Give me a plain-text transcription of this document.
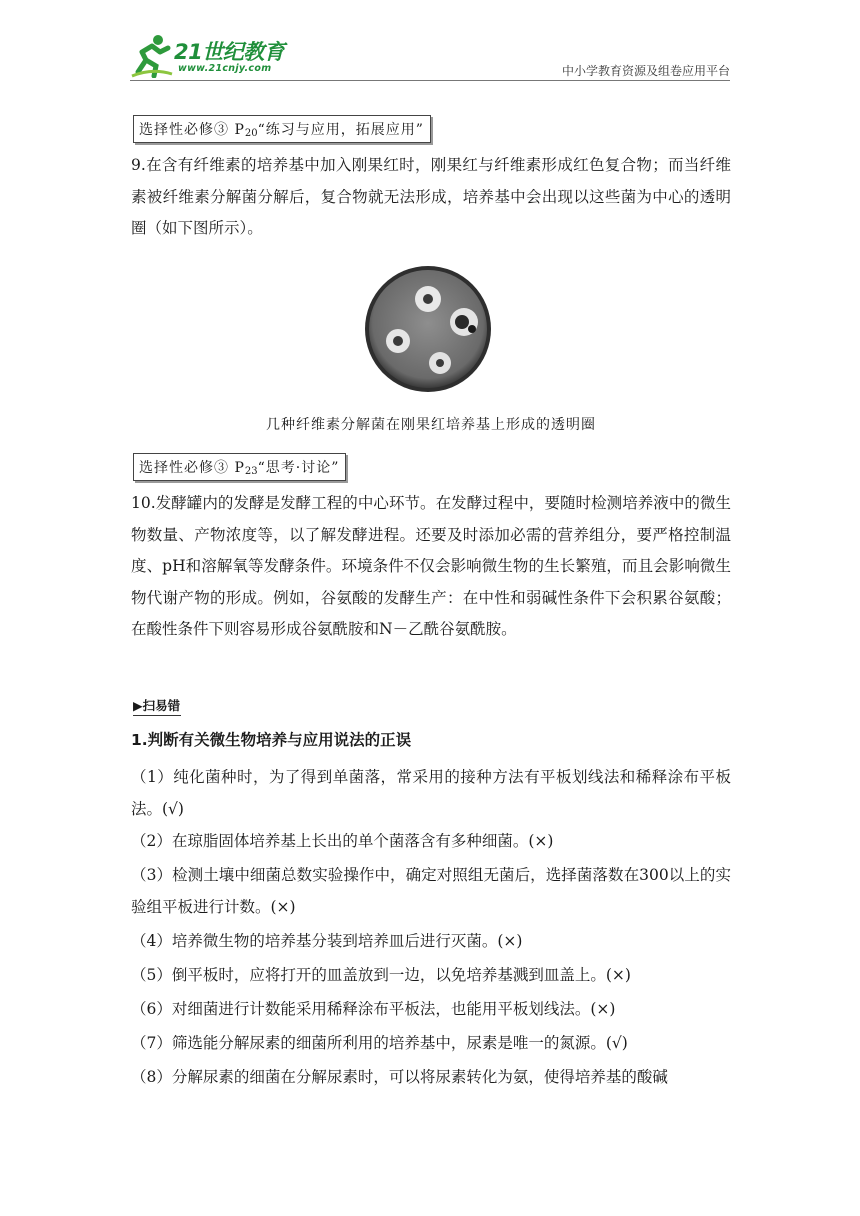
21世纪教育
www.21cnjy.com	中小学教育资源及组卷应用平台
选择性必修③ $P_{20}“$练习与应用，拓展应用”

9.在含有纤维素的培养基中加入刚果红时，刚果红与纤维素形成红色复合物；而当纤维素被纤维素分解菌分解后，复合物就无法形成，培养基中会出现以这些菌为中心的透明圈（如下图所示）。

几种纤维素分解菌在刚果红培养基上形成的透明圈
选择性必修③ $P_{23}“$思考·讨论”

10.发酵罐内的发酵是发酵工程的中心环节。在发酵过程中，要随时检测培养液中的微生物数量、产物浓度等，以了解发酵进程。还要及时添加必需的营养组分，要严格控制温度、pH和溶解氧等发酵条件。环境条件不仅会影响微生物的生长繁殖，而且会影响微生物代谢产物的形成。例如，谷氨酸的发酵生产：在中性和弱碱性条件下会积累谷氨酸；在酸性条件下则容易形成谷氨酰胺和N－乙酰谷氨酰胺。

▶扫易错
1.判断有关微生物培养与应用说法的正误

（1）纯化菌种时，为了得到单菌落，常采用的接种方法有平板划线法和稀释涂布平板法。(√)

（2）在琼脂固体培养基上长出的单个菌落含有多种细菌。(×)

（3）检测土壤中细菌总数实验操作中，确定对照组无菌后，选择菌落数在300以上的实验组平板进行计数。(×)

（4）培养微生物的培养基分装到培养皿后进行灭菌。(×)

（5）倒平板时，应将打开的皿盖放到一边，以免培养基溅到皿盖上。(×)

（6）对细菌进行计数能采用稀释涂布平板法，也能用平板划线法。(×)

（7）筛选能分解尿素的细菌所利用的培养基中，尿素是唯一的氮源。(√)

（8）分解尿素的细菌在分解尿素时，可以将尿素转化为氨，使得培养基的酸碱
